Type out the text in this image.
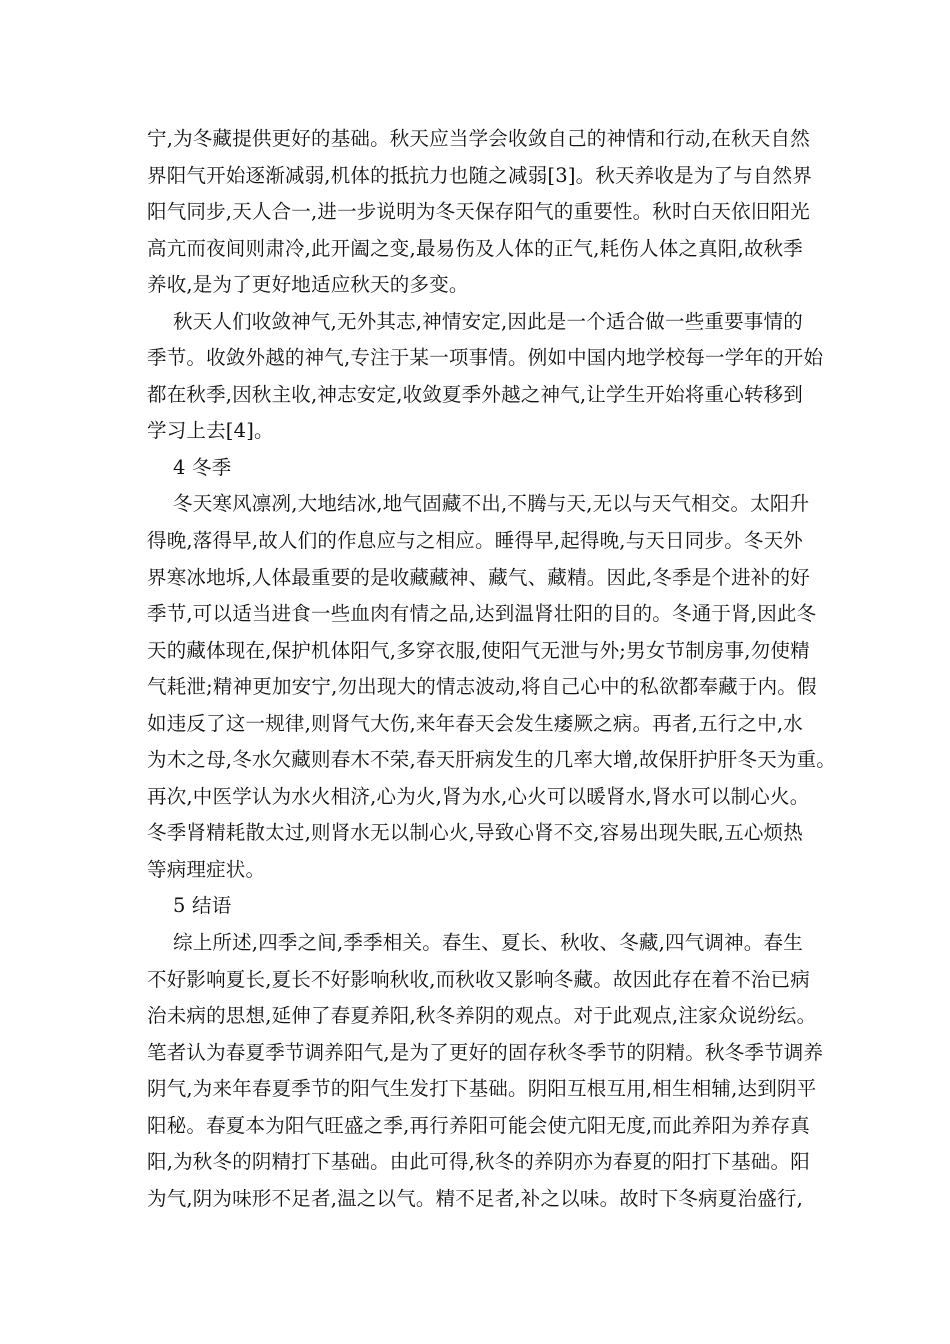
宁,为冬藏提供更好的基础。秋天应当学会收敛自己的神情和行动,在秋天自然
界阳气开始逐渐减弱,机体的抵抗力也随之减弱[3]。秋天养收是为了与自然界
阳气同步,天人合一,进一步说明为冬天保存阳气的重要性。秋时白天依旧阳光
高亢而夜间则肃冷,此开阖之变,最易伤及人体的正气,耗伤人体之真阳,故秋季
养收,是为了更好地适应秋天的多变。
秋天人们收敛神气,无外其志,神情安定,因此是一个适合做一些重要事情的
季节。收敛外越的神气,专注于某一项事情。例如中国内地学校每一学年的开始
都在秋季,因秋主收,神志安定,收敛夏季外越之神气,让学生开始将重心转移到
学习上去[4]。
4 冬季
冬天寒风凛冽,大地结冰,地气固藏不出,不腾与天,无以与天气相交。太阳升
得晚,落得早,故人们的作息应与之相应。睡得早,起得晚,与天日同步。冬天外
界寒冰地坼,人体最重要的是收藏藏神、藏气、藏精。因此,冬季是个进补的好
季节,可以适当进食一些血肉有情之品,达到温肾壮阳的目的。冬通于肾,因此冬
天的藏体现在,保护机体阳气,多穿衣服,使阳气无泄与外;男女节制房事,勿使精
气耗泄;精神更加安宁,勿出现大的情志波动,将自己心中的私欲都奉藏于内。假
如违反了这一规律,则肾气大伤,来年春天会发生痿厥之病。再者,五行之中,水
为木之母,冬水欠藏则春木不荣,春天肝病发生的几率大增,故保肝护肝冬天为重。
再次,中医学认为水火相济,心为火,肾为水,心火可以暖肾水,肾水可以制心火。
冬季肾精耗散太过,则肾水无以制心火,导致心肾不交,容易出现失眠,五心烦热
等病理症状。
5 结语
综上所述,四季之间,季季相关。春生、夏长、秋收、冬藏,四气调神。春生
不好影响夏长,夏长不好影响秋收,而秋收又影响冬藏。故因此存在着不治已病
治未病的思想,延伸了春夏养阳,秋冬养阴的观点。对于此观点,注家众说纷纭。
笔者认为春夏季节调养阳气,是为了更好的固存秋冬季节的阴精。秋冬季节调养
阴气,为来年春夏季节的阳气生发打下基础。阴阳互根互用,相生相辅,达到阴平
阳秘。春夏本为阳气旺盛之季,再行养阳可能会使亢阳无度,而此养阳为养存真
阳,为秋冬的阴精打下基础。由此可得,秋冬的养阴亦为春夏的阳打下基础。阳
为气,阴为味形不足者,温之以气。精不足者,补之以味。故时下冬病夏治盛行,
